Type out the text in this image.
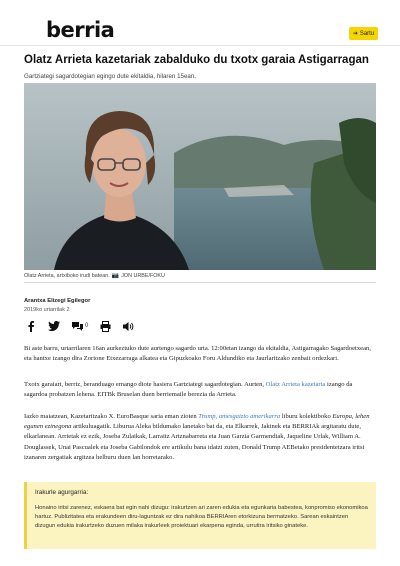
berria	➜ Sartu
Olatz Arrieta kazetariak zabalduko du txotx garaia Astigarragan

Gartziategi sagardotegian egingo dute ekitaldia, hilaren 15ean.

Olatz Arrieta, artxiboko irudi batean. 📷 JON URBE/FOKU
Arantxa Elizegi Egilegor
2019ko urtarrilak 2
0

Bi aste barru, urtarrilaren 16an aurkeztuko dute aurtengo sagardo urta. 12:00etan izango da ekitaldia, Astigarragako Sagardoetxean, eta hantxe izango dira Zorione Etxezarraga alkatea eta Gipuzkoako Foru Aldundiko eta Jaurlaritzako zenbait ordezkari.

Txotx garaiari, berriz, beranduago emango diote hasiera Gartziategi sagardotegian. Aurten, Olatz Arrieta kazetaria izango da sagardoa probatzen lehena. EITBk Bruselan duen berriemaile berezia da Arrieta.

Iazko maiatzean, Kazetaritzako X. EuroBasque saria eman zioten Trump, amesgaizto amerikarra liburu kolektiboko Europa, lehen egunen ezinegona artikuluagatik. Liburua Aleka bildumako lanetako bat da, eta Elkarrek, Jakinek eta BERRIAk argitaratu dute, elkarlanean. Arrietak ez ezik, Joseba Zulaikak, Larraitz Artznabarreta eta Juan Garzia Garmendiak, Jaqueline Urlak, William A. Douglassek, Unai Pascualek eta Joseba Gabilondok ere artikulu bana idatzi zuten, Donald Trump AEBetako presidentetzara iritsi izanaren zergatiak argitzea helburu duen lan horretarako.

Irakurle agurgarria:
Honaino iritsi zarenez, eskaera bat egin nahi dizugu: irakurtzen ari zaren edukia eta egunkaria babestea, konpromiso ekonomikoa hartuz. Publizitatea eta erakundeen diru-laguntzak ez dira nahikoa BERRIAren etorkizuna bermatzeko. Sarean eskaintzen dizugun edukia irakurtzeko duzuen milaka irakurleek proiektuari ekarpena eginda, urrutira iritsiko ginateke.
